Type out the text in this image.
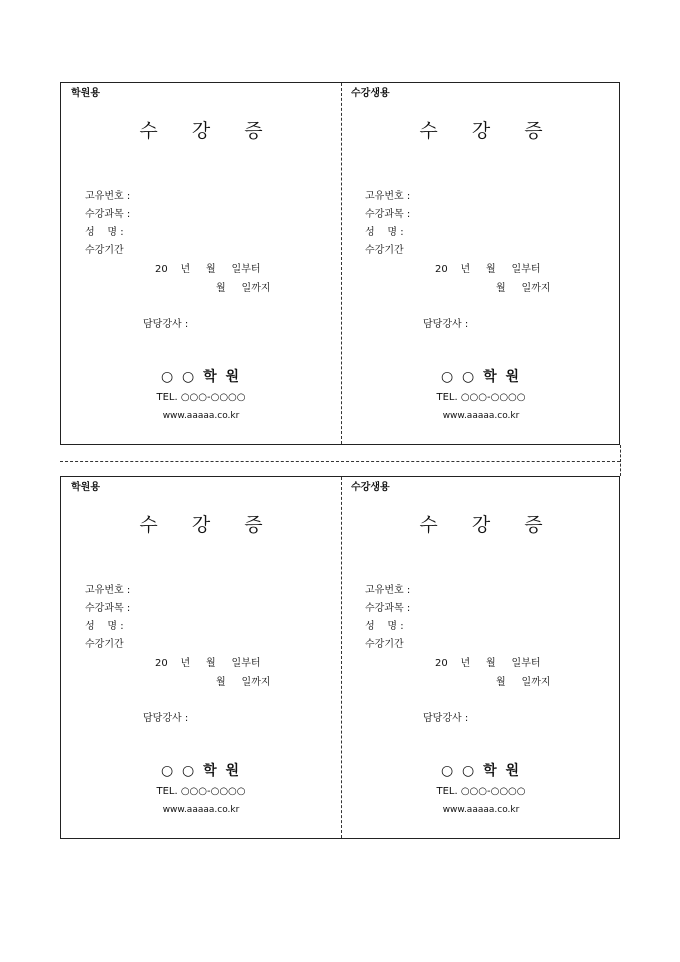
학원용
수 강 증
고유번호 :
수강과목 :
성    명 :
수강기간
20    년     월     일부터
월     일까지
담당강사 :
○ ○ 학 원
TEL. ○○○-○○○○
www.aaaaa.co.kr
수강생용
수 강 증
고유번호 :
수강과목 :
성    명 :
수강기간
20    년     월     일부터
월     일까지
담당강사 :
○ ○ 학 원
TEL. ○○○-○○○○
www.aaaaa.co.kr
학원용
수 강 증
고유번호 :
수강과목 :
성    명 :
수강기간
20    년     월     일부터
월     일까지
담당강사 :
○ ○ 학 원
TEL. ○○○-○○○○
www.aaaaa.co.kr
수강생용
수 강 증
고유번호 :
수강과목 :
성    명 :
수강기간
20    년     월     일부터
월     일까지
담당강사 :
○ ○ 학 원
TEL. ○○○-○○○○
www.aaaaa.co.kr
